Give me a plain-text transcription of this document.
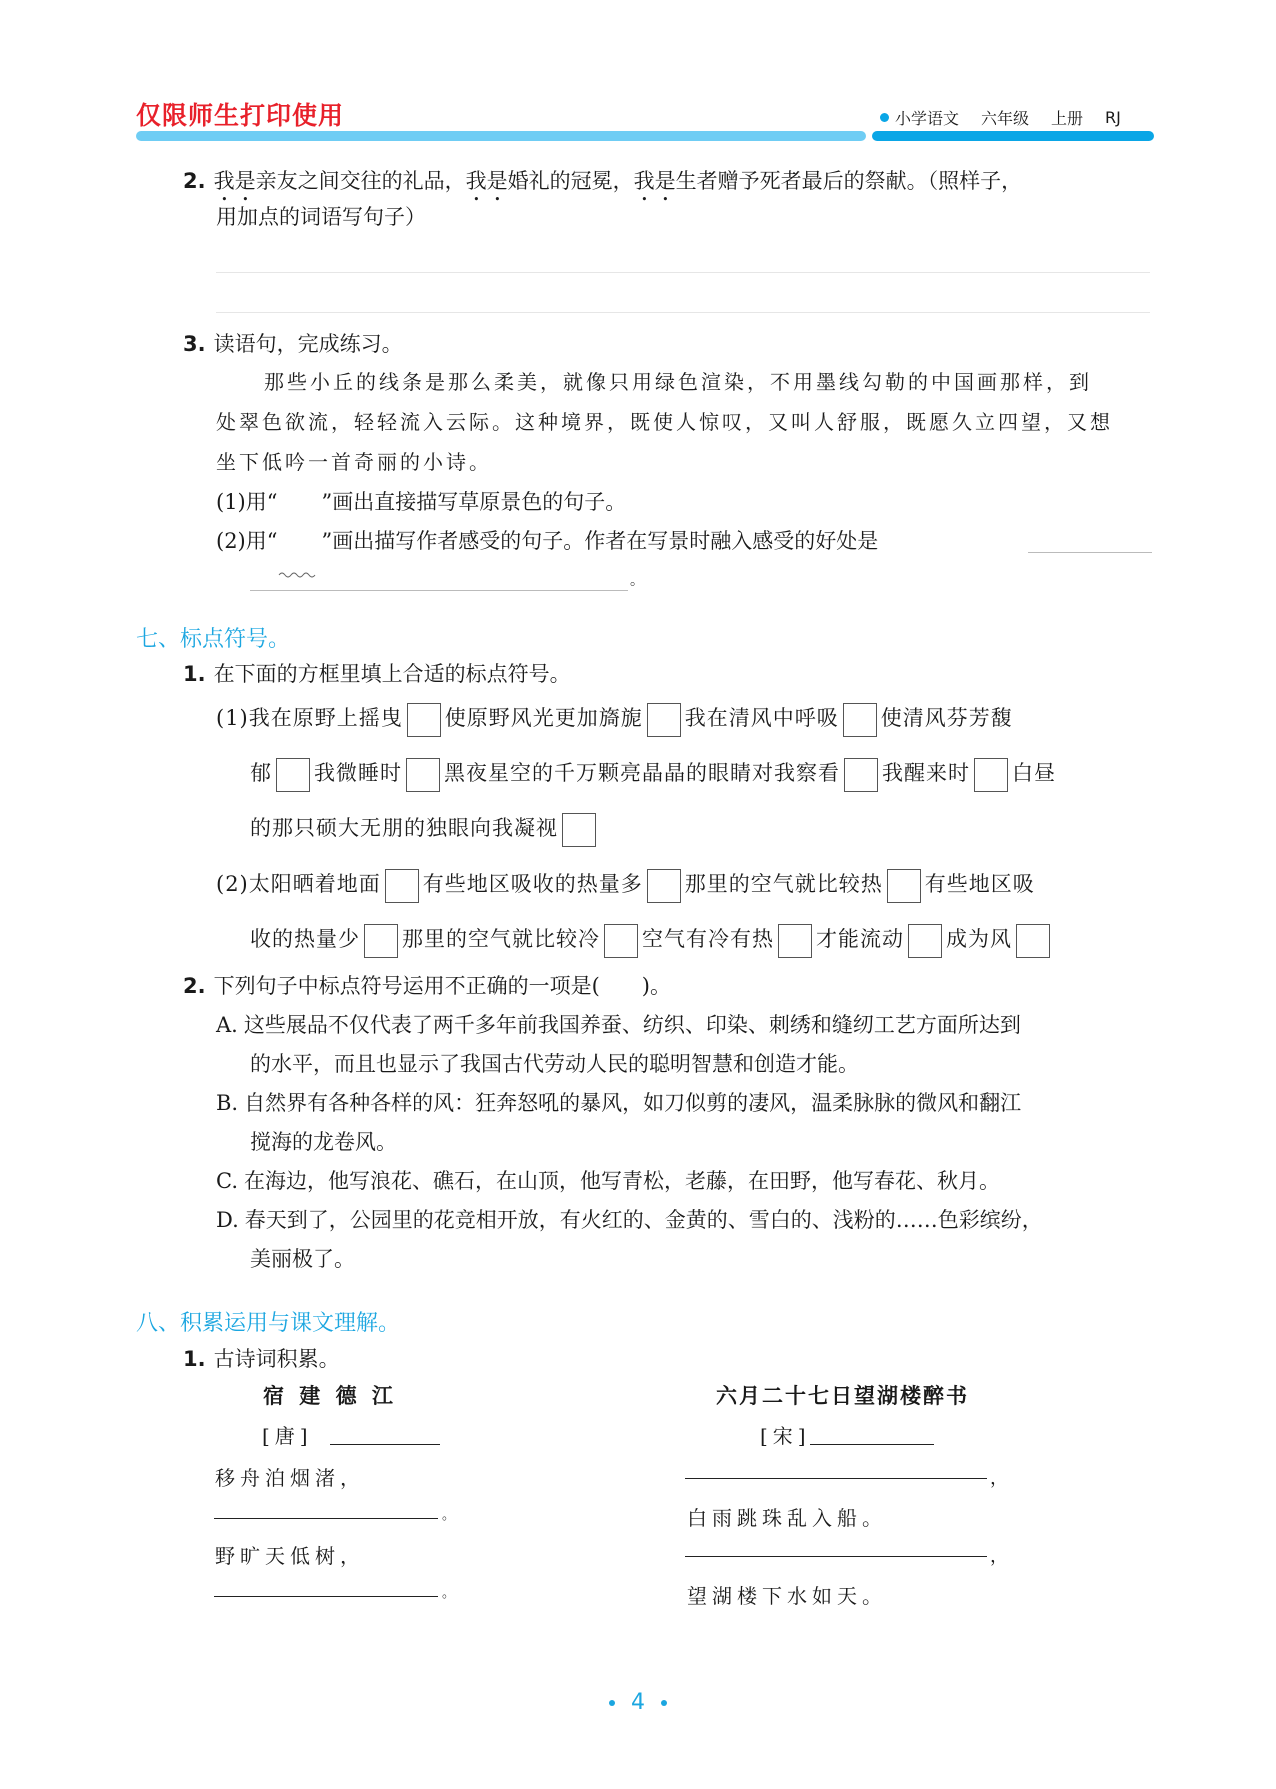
仅限师生打印使用	小学语文 六年级 上册 RJ
2. 我是亲友之间交往的礼品，我是婚礼的冠冕，我是生者赠予死者最后的祭献。（照样子，
用加点的词语写句子）
3. 读语句，完成练习。
那些小丘的线条是那么柔美，就像只用绿色渲染，不用墨线勾勒的中国画那样，到
处翠色欲流，轻轻流入云际。这种境界，既使人惊叹，又叫人舒服，既愿久立四望，又想
坐下低吟一首奇丽的小诗。
(1)用“ ”画出直接描写草原景色的句子。
(2)用“ ”画出描写作者感受的句子。作者在写景时融入感受的好处是
。
七、标点符号。
1. 在下面的方框里填上合适的标点符号。
(1)我在原野上摇曳 使原野风光更加旖旎 我在清风中呼吸 使清风芬芳馥
郁 我微睡时 黑夜星空的千万颗亮晶晶的眼睛对我察看 我醒来时 白昼
的那只硕大无朋的独眼向我凝视
(2)太阳晒着地面 有些地区吸收的热量多 那里的空气就比较热 有些地区吸
收的热量少 那里的空气就比较冷 空气有冷有热 才能流动 成为风
2. 下列句子中标点符号运用不正确的一项是(　　)。
A. 这些展品不仅代表了两千多年前我国养蚕、纺织、印染、刺绣和缝纫工艺方面所达到
的水平，而且也显示了我国古代劳动人民的聪明智慧和创造才能。
B. 自然界有各种各样的风：狂奔怒吼的暴风，如刀似剪的凄风，温柔脉脉的微风和翻江
搅海的龙卷风。
C. 在海边，他写浪花、礁石，在山顶，他写青松，老藤，在田野，他写春花、秋月。
D. 春天到了，公园里的花竞相开放，有火红的、金黄的、雪白的、浅粉的……色彩缤纷，
美丽极了。
八、积累运用与课文理解。
1. 古诗词积累。
宿 建 德 江
[唐]
移舟泊烟渚，
。
野旷天低树，
。
六月二十七日望湖楼醉书
[宋]
，
白雨跳珠乱入船。
，
望湖楼下水如天。
4
